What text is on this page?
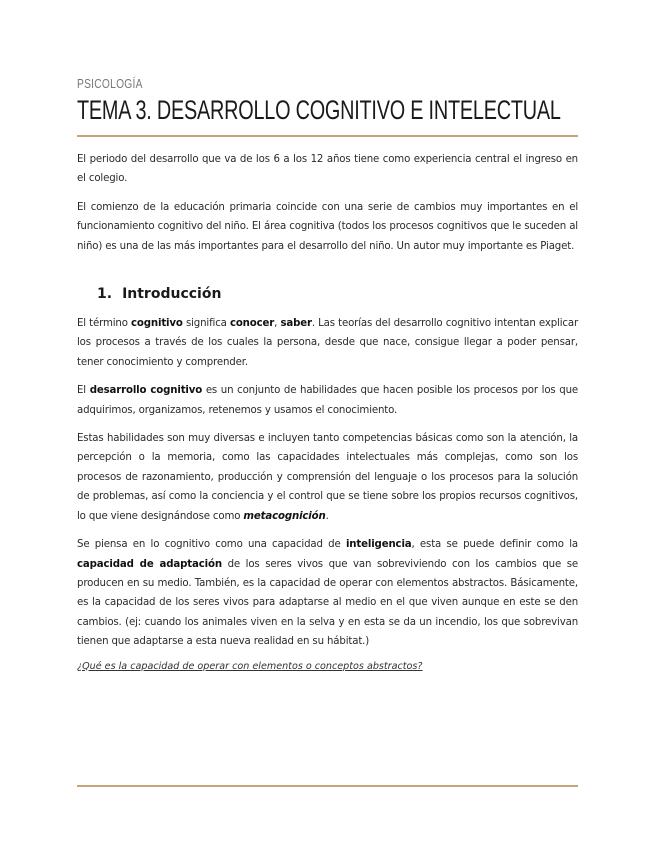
PSICOLOGÍA
TEMA 3. DESARROLLO COGNITIVO E INTELECTUAL

El periodo del desarrollo que va de los 6 a los 12 años tiene como experiencia central el ingreso en el colegio.

El comienzo de la educación primaria coincide con una serie de cambios muy importantes en el funcionamiento cognitivo del niño. El área cognitiva (todos los procesos cognitivos que le suceden al niño) es una de las más importantes para el desarrollo del niño. Un autor muy importante es Piaget.

1. Introducción

El término cognitivo significa conocer, saber. Las teorías del desarrollo cognitivo intentan explicar los procesos a través de los cuales la persona, desde que nace, consigue llegar a poder pensar, tener conocimiento y comprender.

El desarrollo cognitivo es un conjunto de habilidades que hacen posible los procesos por los que adquirimos, organizamos, retenemos y usamos el conocimiento.

Estas habilidades son muy diversas e incluyen tanto competencias básicas como son la atención, la percepción o la memoria, como las capacidades intelectuales más complejas, como son los procesos de razonamiento, producción y comprensión del lenguaje o los procesos para la solución de problemas, así como la conciencia y el control que se tiene sobre los propios recursos cognitivos, lo que viene designándose como metacognición.

Se piensa en lo cognitivo como una capacidad de inteligencia, esta se puede definir como la capacidad de adaptación de los seres vivos que van sobreviviendo con los cambios que se producen en su medio. También, es la capacidad de operar con elementos abstractos. Básicamente, es la capacidad de los seres vivos para adaptarse al medio en el que viven aunque en este se den cambios. (ej: cuando los animales viven en la selva y en esta se da un incendio, los que sobrevivan tienen que adaptarse a esta nueva realidad en su hábitat.)

¿Qué es la capacidad de operar con elementos o conceptos abstractos?
